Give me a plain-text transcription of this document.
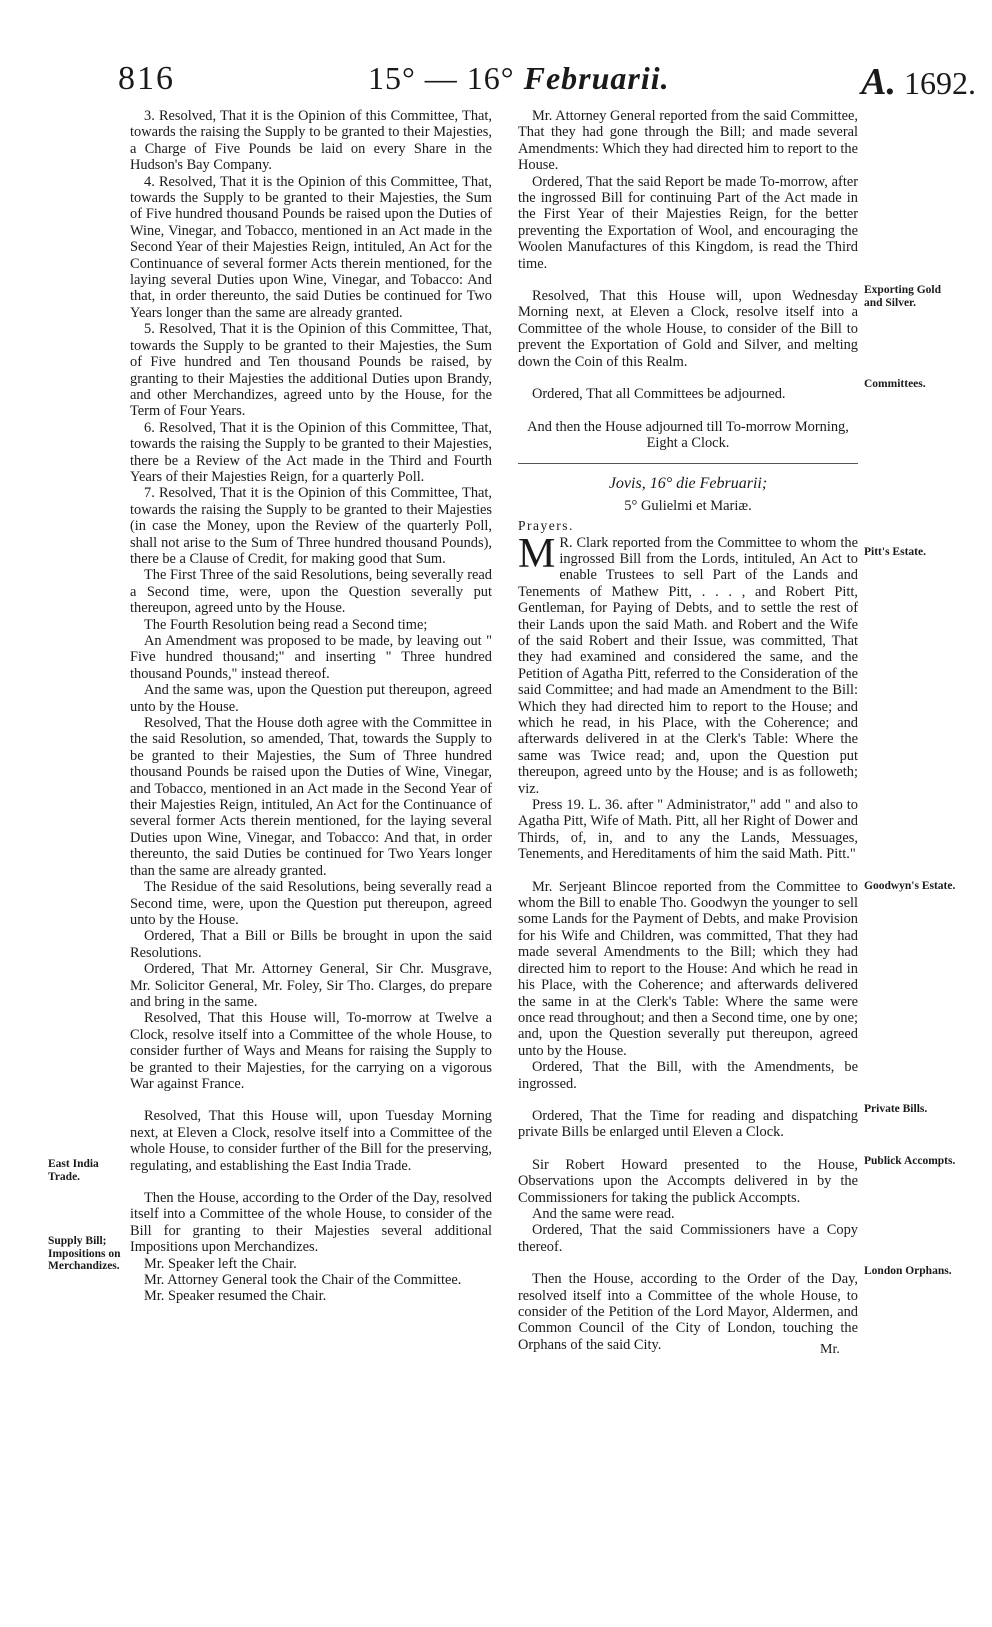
816	15° — 16° Februarii.	A. 1692.

3. Resolved, That it is the Opinion of this Committee, That, towards the raising the Supply to be granted to their Majesties, a Charge of Five Pounds be laid on every Share in the Hudson's Bay Company.

4. Resolved, That it is the Opinion of this Committee, That, towards the Supply to be granted to their Majesties, the Sum of Five hundred thousand Pounds be raised upon the Duties of Wine, Vinegar, and Tobacco, mentioned in an Act made in the Second Year of their Majesties Reign, intituled, An Act for the Continuance of several former Acts therein mentioned, for the laying several Duties upon Wine, Vinegar, and Tobacco: And that, in order thereunto, the said Duties be continued for Two Years longer than the same are already granted.

5. Resolved, That it is the Opinion of this Committee, That, towards the Supply to be granted to their Majesties, the Sum of Five hundred and Ten thousand Pounds be raised, by granting to their Majesties the additional Duties upon Brandy, and other Merchandizes, agreed unto by the House, for the Term of Four Years.

6. Resolved, That it is the Opinion of this Committee, That, towards the raising the Supply to be granted to their Majesties, there be a Review of the Act made in the Third and Fourth Years of their Majesties Reign, for a quarterly Poll.

7. Resolved, That it is the Opinion of this Committee, That, towards the raising the Supply to be granted to their Majesties (in case the Money, upon the Review of the quarterly Poll, shall not arise to the Sum of Three hundred thousand Pounds), there be a Clause of Credit, for making good that Sum.

The First Three of the said Resolutions, being severally read a Second time, were, upon the Question severally put thereupon, agreed unto by the House.

The Fourth Resolution being read a Second time;

An Amendment was proposed to be made, by leaving out " Five hundred thousand;" and inserting " Three hundred thousand Pounds," instead thereof.

And the same was, upon the Question put thereupon, agreed unto by the House.

Resolved, That the House doth agree with the Committee in the said Resolution, so amended, That, towards the Supply to be granted to their Majesties, the Sum of Three hundred thousand Pounds be raised upon the Duties of Wine, Vinegar, and Tobacco, mentioned in an Act made in the Second Year of their Majesties Reign, intituled, An Act for the Continuance of several former Acts therein mentioned, for the laying several Duties upon Wine, Vinegar, and Tobacco: And that, in order thereunto, the said Duties be continued for Two Years longer than the same are already granted.

The Residue of the said Resolutions, being severally read a Second time, were, upon the Question put thereupon, agreed unto by the House.

Ordered, That a Bill or Bills be brought in upon the said Resolutions.

Ordered, That Mr. Attorney General, Sir Chr. Musgrave, Mr. Solicitor General, Mr. Foley, Sir Tho. Clarges, do prepare and bring in the same.

Resolved, That this House will, To-morrow at Twelve a Clock, resolve itself into a Committee of the whole House, to consider further of Ways and Means for raising the Supply to be granted to their Majesties, for the carrying on a vigorous War against France.

Resolved, That this House will, upon Tuesday Morning next, at Eleven a Clock, resolve itself into a Committee of the whole House, to consider further of the Bill for the preserving, regulating, and establishing the East India Trade.

Then the House, according to the Order of the Day, resolved itself into a Committee of the whole House, to consider of the Bill for granting to their Majesties several additional Impositions upon Merchandizes.

Mr. Speaker left the Chair.

Mr. Attorney General took the Chair of the Committee.

Mr. Speaker resumed the Chair.

East India Trade.
Supply Bill; Impositions on Merchandizes.

Mr. Attorney General reported from the said Committee, That they had gone through the Bill; and made several Amendments: Which they had directed him to report to the House.

Ordered, That the said Report be made To-morrow, after the ingrossed Bill for continuing Part of the Act made in the First Year of their Majesties Reign, for the better preventing the Exportation of Wool, and encouraging the Woolen Manufactures of this Kingdom, is read the Third time.

Resolved, That this House will, upon Wednesday Morning next, at Eleven a Clock, resolve itself into a Committee of the whole House, to consider of the Bill to prevent the Exportation of Gold and Silver, and melting down the Coin of this Realm.

Ordered, That all Committees be adjourned.

And then the House adjourned till To-morrow Morning, Eight a Clock.

Jovis, 16° die Februarii;
5° Gulielmi et Mariæ.

Prayers.

M R. Clark reported from the Committee to whom the ingrossed Bill from the Lords, intituled, An Act to enable Trustees to sell Part of the Lands and Tenements of Mathew Pitt, . . . , and Robert Pitt, Gentleman, for Paying of Debts, and to settle the rest of their Lands upon the said Math. and Robert and the Wife of the said Robert and their Issue, was committed, That they had examined and considered the same, and the Petition of Agatha Pitt, referred to the Consideration of the said Committee; and had made an Amendment to the Bill: Which they had directed him to report to the House; and which he read, in his Place, with the Coherence; and afterwards delivered in at the Clerk's Table: Where the same was Twice read; and, upon the Question put thereupon, agreed unto by the House; and is as followeth; viz.

Press 19. L. 36. after " Administrator," add " and also to Agatha Pitt, Wife of Math. Pitt, all her Right of Dower and Thirds, of, in, and to any the Lands, Messuages, Tenements, and Hereditaments of him the said Math. Pitt."

Mr. Serjeant Blincoe reported from the Committee to whom the Bill to enable Tho. Goodwyn the younger to sell some Lands for the Payment of Debts, and make Provision for his Wife and Children, was committed, That they had made several Amendments to the Bill; which they had directed him to report to the House: And which he read in his Place, with the Coherence; and afterwards delivered the same in at the Clerk's Table: Where the same were once read throughout; and then a Second time, one by one; and, upon the Question severally put thereupon, agreed unto by the House.

Ordered, That the Bill, with the Amendments, be ingrossed.

Ordered, That the Time for reading and dispatching private Bills be enlarged until Eleven a Clock.

Sir Robert Howard presented to the House, Observations upon the Accompts delivered in by the Commissioners for taking the publick Accompts.

And the same were read.

Ordered, That the said Commissioners have a Copy thereof.

Then the House, according to the Order of the Day, resolved itself into a Committee of the whole House, to consider of the Petition of the Lord Mayor, Aldermen, and Common Council of the City of London, touching the Orphans of the said City.

Exporting Gold and Silver.
Committees.
Pitt's Estate.
Goodwyn's Estate.
Private Bills.
Publick Accompts.
London Orphans.
Mr.
